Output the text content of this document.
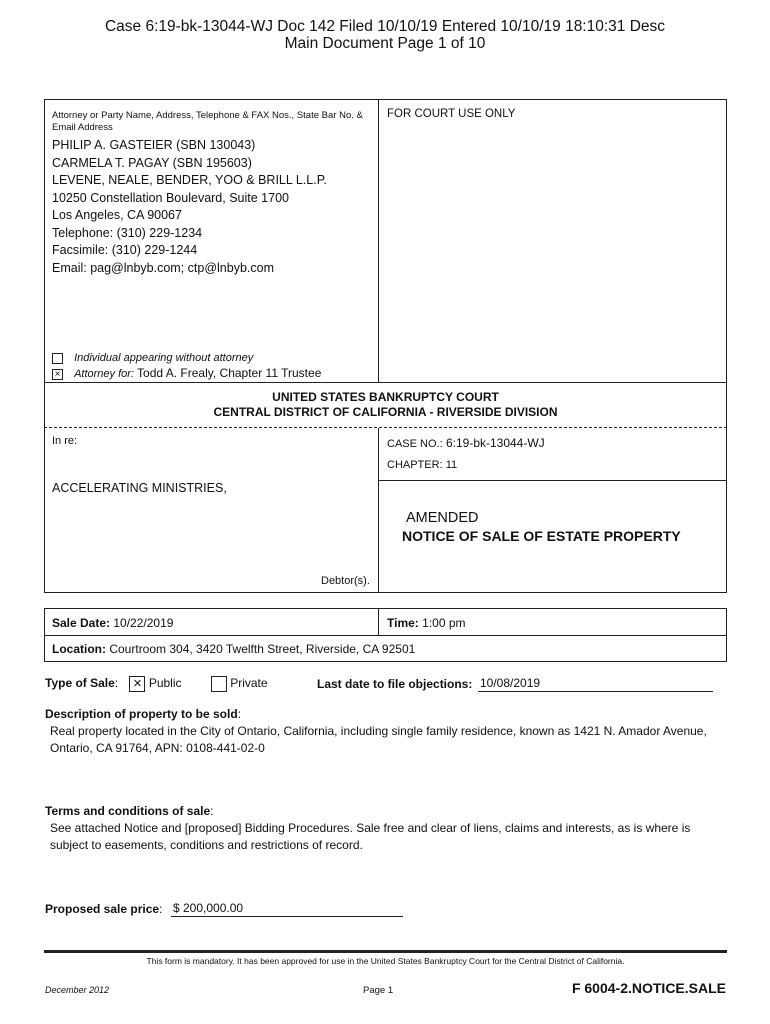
Case 6:19-bk-13044-WJ Doc 142 Filed 10/10/19 Entered 10/10/19 18:10:31 Desc
Main Document Page 1 of 10
Attorney or Party Name, Address, Telephone & FAX Nos., State Bar No. & Email Address
FOR COURT USE ONLY
PHILIP A. GASTEIER (SBN 130043)
CARMELA T. PAGAY (SBN 195603)
LEVENE, NEALE, BENDER, YOO & BRILL L.L.P.
10250 Constellation Boulevard, Suite 1700
Los Angeles, CA 90067
Telephone: (310) 229-1234
Facsimile: (310) 229-1244
Email: pag@lnbyb.com; ctp@lnbyb.com
Individual appearing without attorney
× Attorney for: Todd A. Frealy, Chapter 11 Trustee
UNITED STATES BANKRUPTCY COURT
CENTRAL DISTRICT OF CALIFORNIA - RIVERSIDE DIVISION
In re:
ACCELERATING MINISTRIES,
Debtor(s).
CASE NO.: 6:19-bk-13044-WJ
CHAPTER: 11
AMENDED
NOTICE OF SALE OF ESTATE PROPERTY
Sale Date: 10/22/2019	Time: 1:00 pm
Location: Courtroom 304, 3420 Twelfth Street, Riverside, CA 92501
Type of Sale: × Public	Private	Last date to file objections: 10/08/2019
Description of property to be sold:
Real property located in the City of Ontario, California, including single family residence, known as 1421 N. Amador Avenue, Ontario, CA 91764, APN: 0108-441-02-0
Terms and conditions of sale:
See attached Notice and [proposed] Bidding Procedures. Sale free and clear of liens, claims and interests, as is where is subject to easements, conditions and restrictions of record.
Proposed sale price: $ 200,000.00
This form is mandatory. It has been approved for use in the United States Bankruptcy Court for the Central District of California.
December 2012	Page 1	F 6004-2.NOTICE.SALE
